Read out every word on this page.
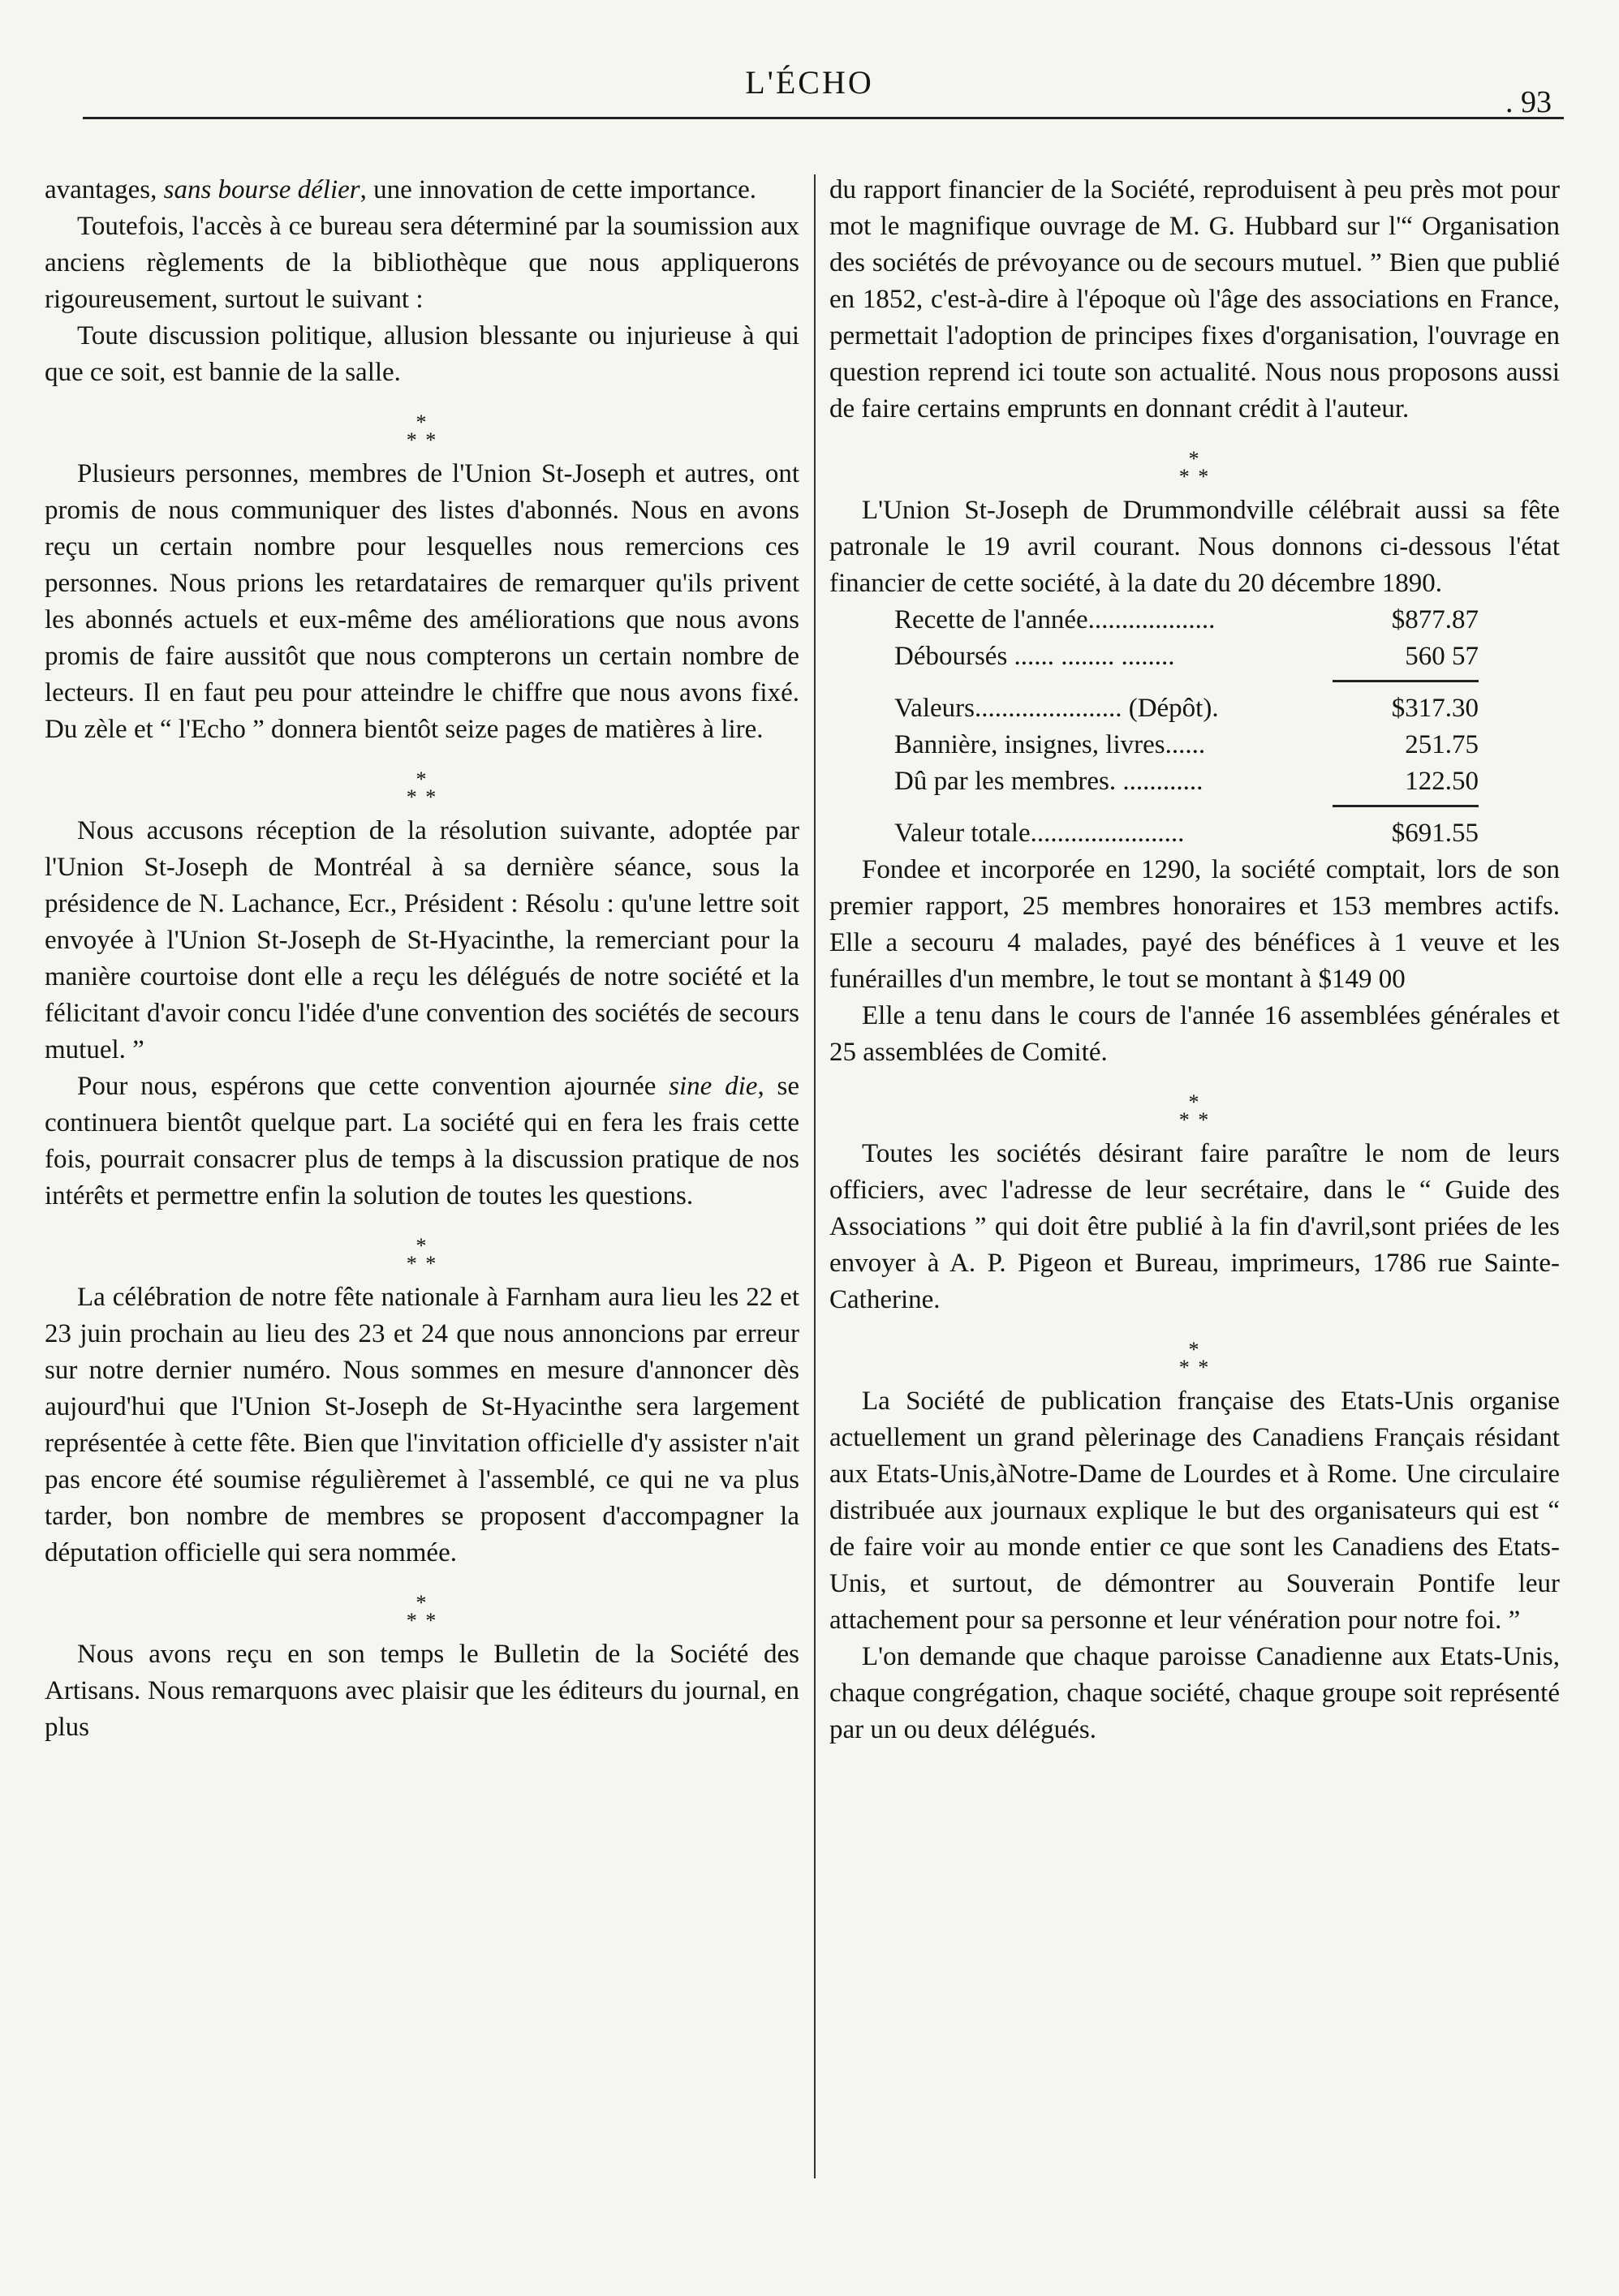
L'ÉCHO
. 93

avantages, sans bourse délier, une innovation de cette importance.

Toutefois, l'accès à ce bureau sera déterminé par la soumission aux anciens règlements de la bibliothèque que nous appliquerons rigoureusement, surtout le suivant :

Toute discussion politique, allusion blessante ou injurieuse à qui que ce soit, est bannie de la salle.

*
* *

Plusieurs personnes, membres de l'Union St-Joseph et autres, ont promis de nous communiquer des listes d'abonnés. Nous en avons reçu un certain nombre pour lesquelles nous remercions ces personnes. Nous prions les retardataires de remarquer qu'ils privent les abonnés actuels et eux-même des améliorations que nous avons promis de faire aussitôt que nous compterons un certain nombre de lecteurs. Il en faut peu pour atteindre le chiffre que nous avons fixé. Du zèle et “ l'Echo ” donnera bientôt seize pages de matières à lire.

*
* *

Nous accusons réception de la résolution suivante, adoptée par l'Union St-Joseph de Montréal à sa dernière séance, sous la présidence de N. Lachance, Ecr., Président : Résolu : qu'une lettre soit envoyée à l'Union St-Joseph de St-Hyacinthe, la remerciant pour la manière courtoise dont elle a reçu les délégués de notre société et la félicitant d'avoir concu l'idée d'une convention des sociétés de secours mutuel. ”

Pour nous, espérons que cette convention ajournée sine die, se continuera bientôt quelque part. La société qui en fera les frais cette fois, pourrait consacrer plus de temps à la discussion pratique de nos intérêts et permettre enfin la solution de toutes les questions.

*
* *

La célébration de notre fête nationale à Farnham aura lieu les 22 et 23 juin prochain au lieu des 23 et 24 que nous annoncions par erreur sur notre dernier numéro. Nous sommes en mesure d'annoncer dès aujourd'hui que l'Union St-Joseph de St-Hyacinthe sera largement représentée à cette fête. Bien que l'invitation officielle d'y assister n'ait pas encore été soumise régulièremet à l'assemblé, ce qui ne va plus tarder, bon nombre de membres se proposent d'accompagner la députation officielle qui sera nommée.

*
* *

Nous avons reçu en son temps le Bulletin de la Société des Artisans. Nous remarquons avec plaisir que les éditeurs du journal, en plus

du rapport financier de la Société, reproduisent à peu près mot pour mot le magnifique ouvrage de M. G. Hubbard sur l'“ Organisation des sociétés de prévoyance ou de secours mutuel. ” Bien que publié en 1852, c'est-à-dire à l'époque où l'âge des associations en France, permettait l'adoption de principes fixes d'organisation, l'ouvrage en question reprend ici toute son actualité. Nous nous proposons aussi de faire certains emprunts en donnant crédit à l'auteur.

*
* *

L'Union St-Joseph de Drummondville célébrait aussi sa fête patronale le 19 avril courant. Nous donnons ci-dessous l'état financier de cette société, à la date du 20 décembre 1890.

Recette de l'année...................	$877.87
Déboursés ...... ........ ........	560 57
Valeurs...................... (Dépôt).	$317.30
Bannière, insignes, livres......	251.75
Dû par les membres. ............	122.50
Valeur totale.......................	$691.55

Fondee et incorporée en 1290, la société comptait, lors de son premier rapport, 25 membres honoraires et 153 membres actifs. Elle a secouru 4 malades, payé des bénéfices à 1 veuve et les funérailles d'un membre, le tout se montant à $149 00

Elle a tenu dans le cours de l'année 16 assemblées générales et 25 assemblées de Comité.

*
* *

Toutes les sociétés désirant faire paraître le nom de leurs officiers, avec l'adresse de leur secrétaire, dans le “ Guide des Associations ” qui doit être publié à la fin d'avril,sont priées de les envoyer à A. P. Pigeon et Bureau, imprimeurs, 1786 rue Sainte-Catherine.

*
* *

La Société de publication française des Etats-Unis organise actuellement un grand pèlerinage des Canadiens Français résidant aux Etats-Unis,àNotre-Dame de Lourdes et à Rome. Une circulaire distribuée aux journaux explique le but des organisateurs qui est “ de faire voir au monde entier ce que sont les Canadiens des Etats-Unis, et surtout, de démontrer au Souverain Pontife leur attachement pour sa personne et leur vénération pour notre foi. ”

L'on demande que chaque paroisse Canadienne aux Etats-Unis, chaque congrégation, chaque société, chaque groupe soit représenté par un ou deux délégués.
